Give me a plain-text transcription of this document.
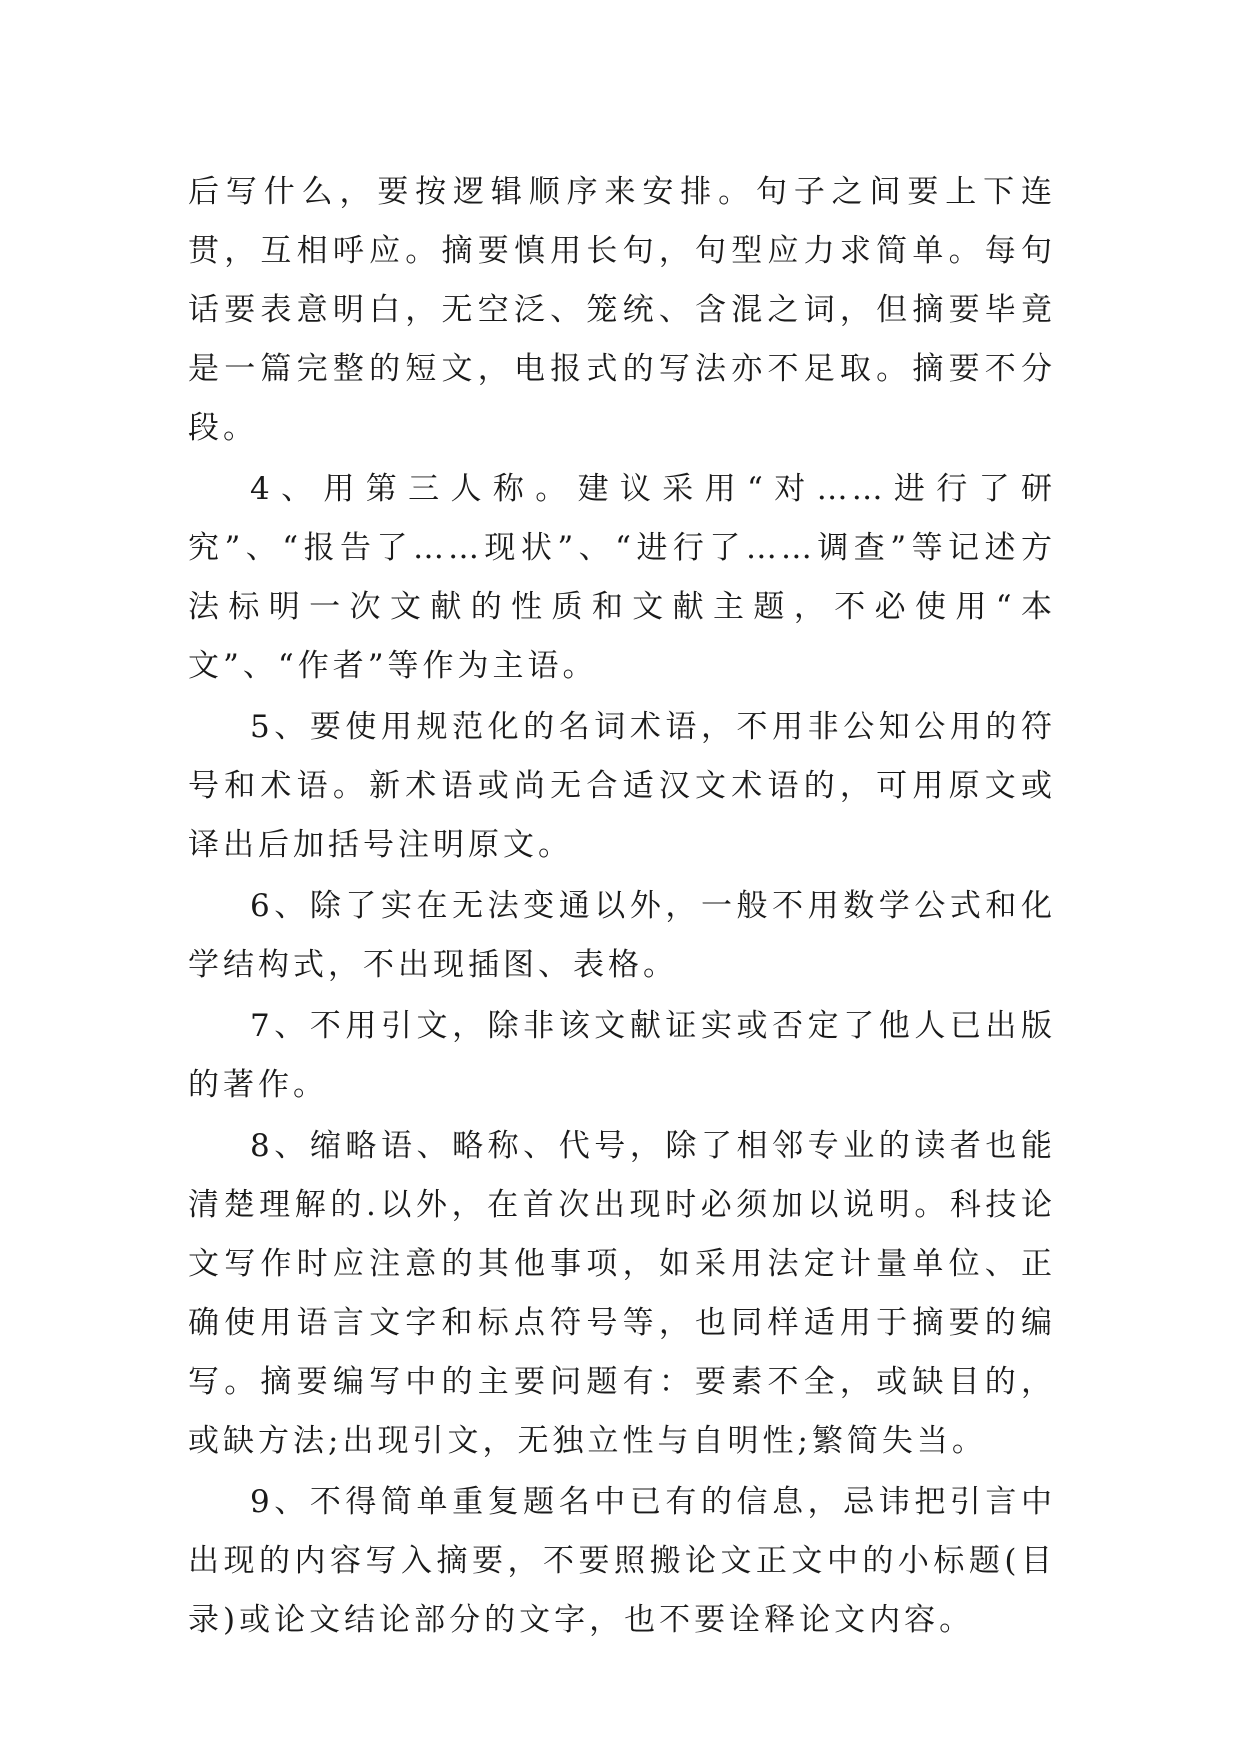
后写什么，要按逻辑顺序来安排。句子之间要上下连贯，互相呼应。摘要慎用长句，句型应力求简单。每句话要表意明白，无空泛、笼统、含混之词，但摘要毕竟是一篇完整的短文，电报式的写法亦不足取。摘要不分段。

4、用第三人称。建议采用“对……进行了研究”、“报告了……现状”、“进行了……调查”等记述方法标明一次文献的性质和文献主题，不必使用“本文”、“作者”等作为主语。

5、要使用规范化的名词术语，不用非公知公用的符号和术语。新术语或尚无合适汉文术语的，可用原文或译出后加括号注明原文。

6、除了实在无法变通以外，一般不用数学公式和化学结构式，不出现插图、表格。

7、不用引文，除非该文献证实或否定了他人已出版的著作。

8、缩略语、略称、代号，除了相邻专业的读者也能清楚理解的.以外，在首次出现时必须加以说明。科技论文写作时应注意的其他事项，如采用法定计量单位、正确使用语言文字和标点符号等，也同样适用于摘要的编写。摘要编写中的主要问题有：要素不全，或缺目的，或缺方法;出现引文，无独立性与自明性;繁简失当。

9、不得简单重复题名中已有的信息，忌讳把引言中出现的内容写入摘要，不要照搬论文正文中的小标题(目录)或论文结论部分的文字，也不要诠释论文内容。
